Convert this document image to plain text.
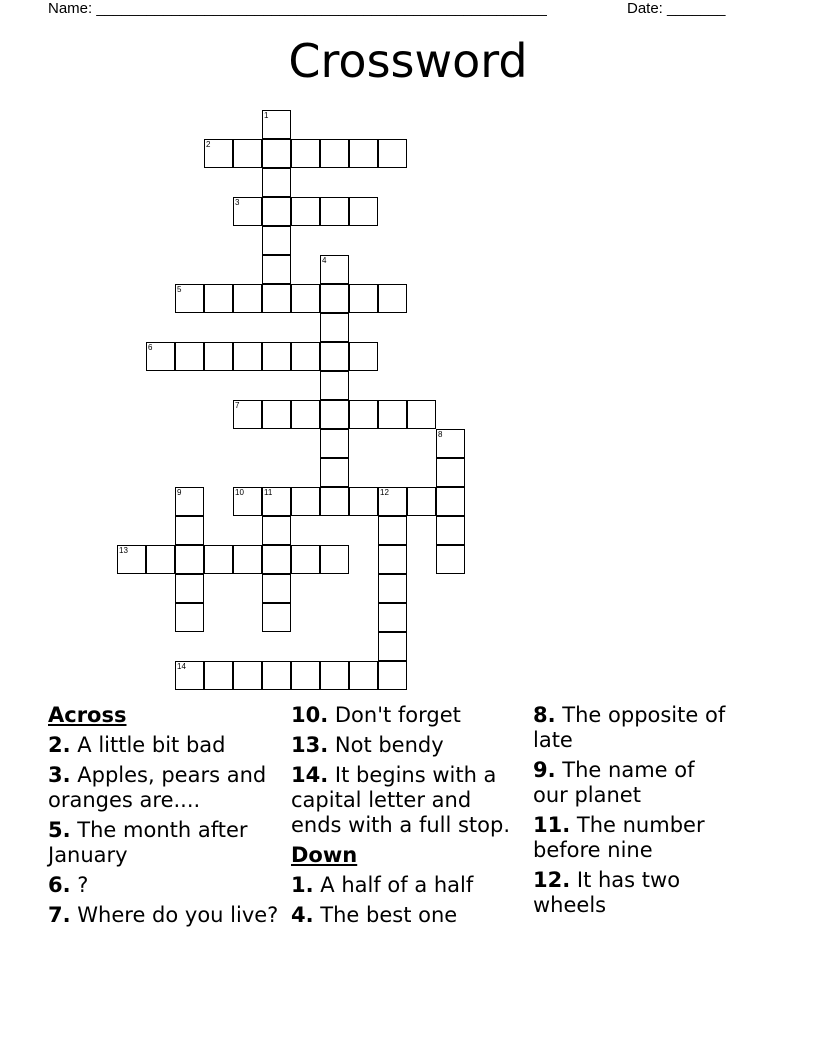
Name: ______________________________________________________	Date: _______
Crossword
1
2
3
4
5
6
7
8
9	10	11	12
13
14
Across
2. A little bit bad
3. Apples, pears and oranges are....
5. The month after January
6. ?
7. Where do you live?
10. Don't forget
13. Not bendy
14. It begins with a capital letter and ends with a full stop.
Down
1. A half of a half
4. The best one
8. The opposite of late
9. The name of our planet
11. The number before nine
12. It has two wheels
